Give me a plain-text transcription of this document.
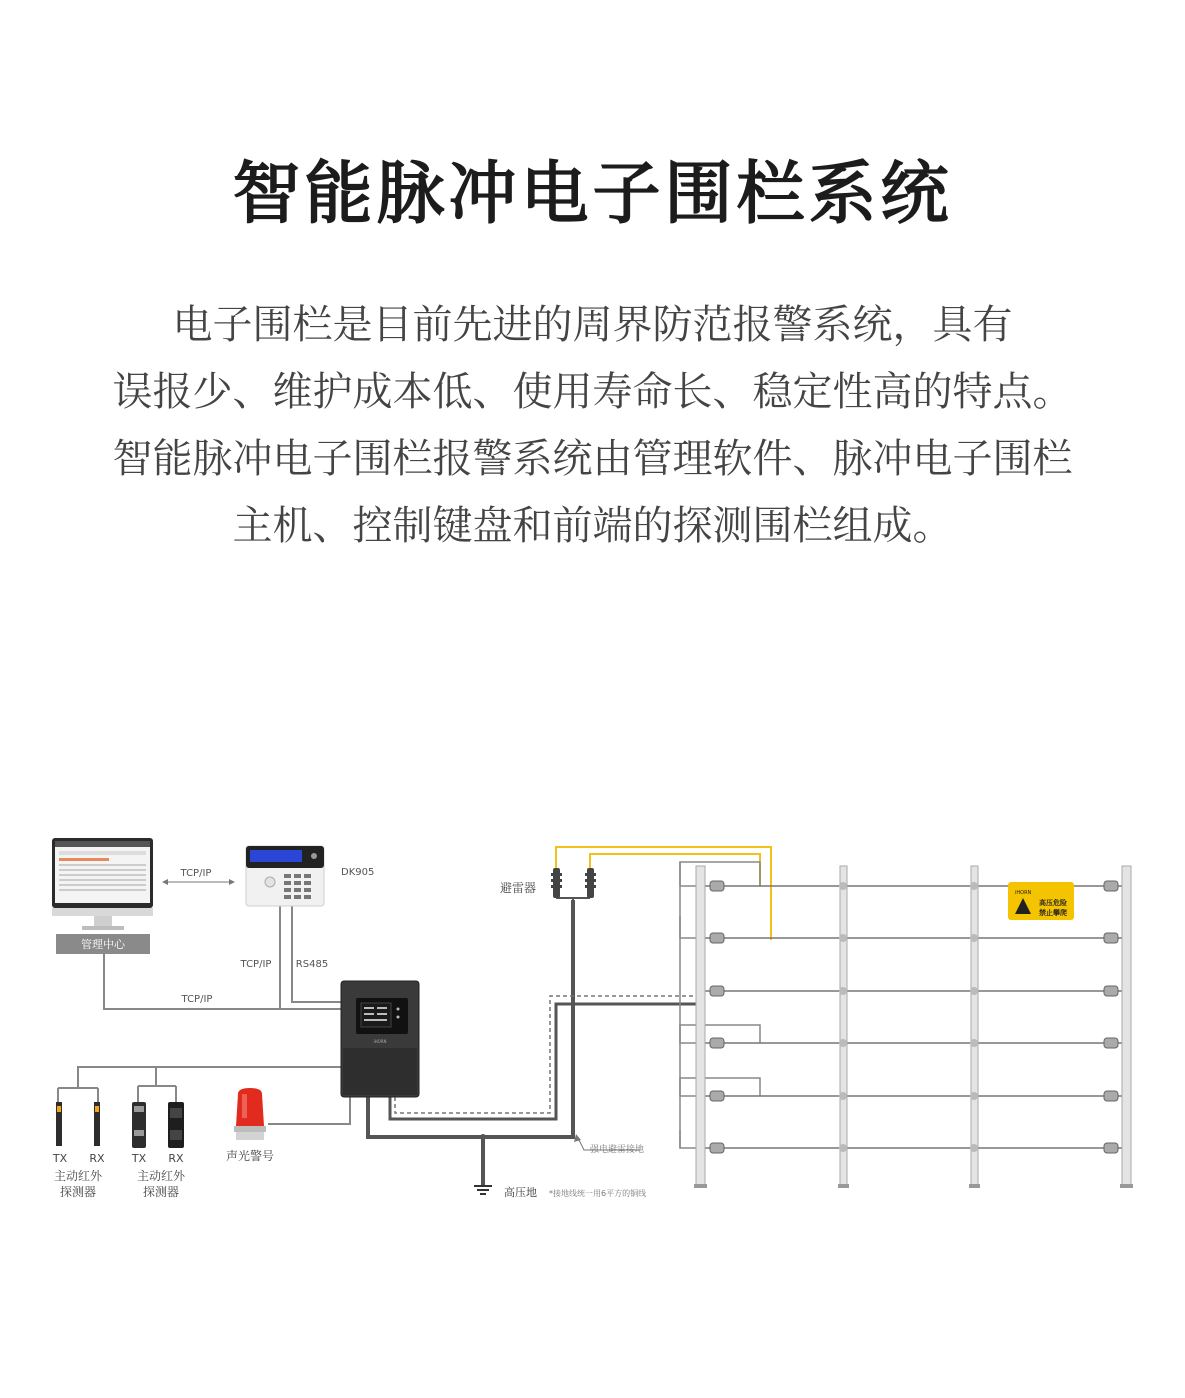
智能脉冲电子围栏系统
电子围栏是目前先进的周界防范报警系统，具有
误报少、维护成本低、使用寿命长、稳定性高的特点。
智能脉冲电子围栏报警系统由管理软件、脉冲电子围栏
主机、控制键盘和前端的探测围栏组成。
管理中心
TCP/IP	DK905
TCP/IP RS485
TCP/IP
iHORN
TX RX
主动红外
探测器
TX RX
主动红外
探测器
声光警号
避雷器
高压地 *接地线统一用6平方的铜线
强电避雷接地
iHORN
高压危险
禁止攀爬
